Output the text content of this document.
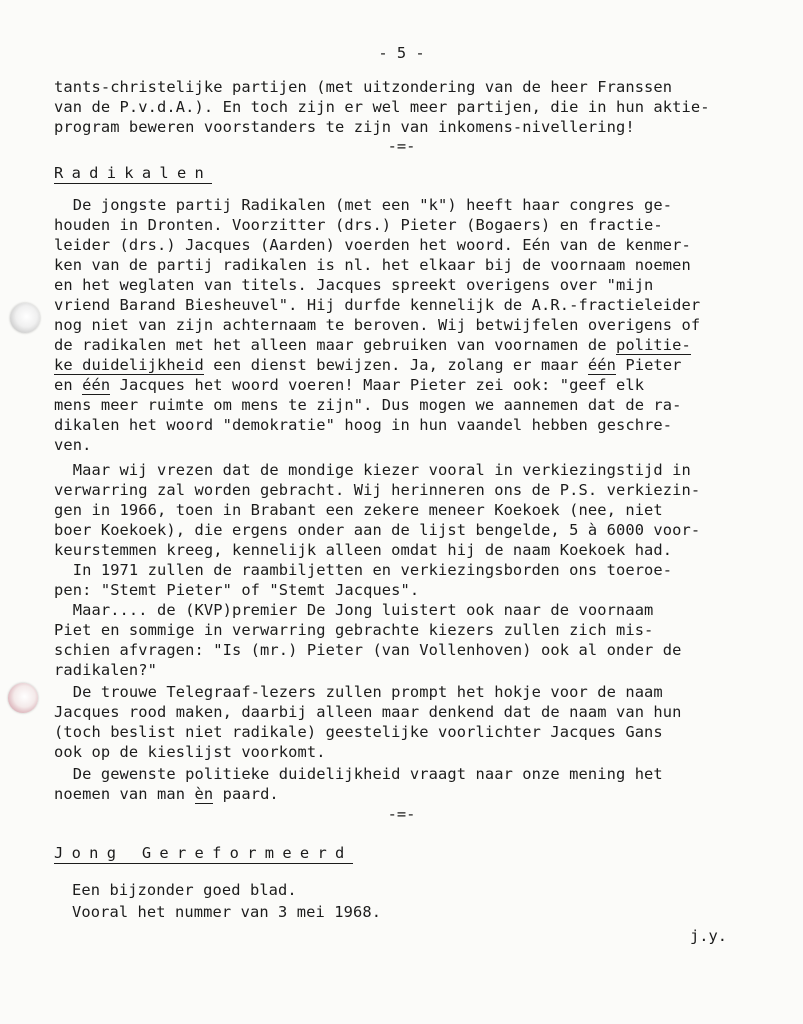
- 5 -
tants-christelijke partijen (met uitzondering van de heer Franssen
van de P.v.d.A.). En toch zijn er wel meer partijen, die in hun aktie-
program beweren voorstanders te zijn van inkomens-nivellering!
-=-
Radikalen
De jongste partij Radikalen (met een "k") heeft haar congres ge-
houden in Dronten. Voorzitter (drs.) Pieter (Bogaers) en fractie-
leider (drs.) Jacques (Aarden) voerden het woord. Eén van de kenmer-
ken van de partij radikalen is nl. het elkaar bij de voornaam noemen
en het weglaten van titels. Jacques spreekt overigens over "mijn
vriend Barand Biesheuvel". Hij durfde kennelijk de A.R.-fractieleider
nog niet van zijn achternaam te beroven. Wij betwijfelen overigens of
de radikalen met het alleen maar gebruiken van voornamen de politie-
ke duidelijkheid een dienst bewijzen. Ja, zolang er maar één Pieter
en één Jacques het woord voeren! Maar Pieter zei ook: "geef elk
mens meer ruimte om mens te zijn". Dus mogen we aannemen dat de ra-
dikalen het woord "demokratie" hoog in hun vaandel hebben geschre-
ven.
Maar wij vrezen dat de mondige kiezer vooral in verkiezingstijd in
verwarring zal worden gebracht. Wij herinneren ons de P.S. verkiezin-
gen in 1966, toen in Brabant een zekere meneer Koekoek (nee, niet
boer Koekoek), die ergens onder aan de lijst bengelde, 5 à 6000 voor-
keurstemmen kreeg, kennelijk alleen omdat hij de naam Koekoek had.
In 1971 zullen de raambiljetten en verkiezingsborden ons toeroe-
pen: "Stemt Pieter" of "Stemt Jacques".
Maar.... de (KVP)premier De Jong luistert ook naar de voornaam
Piet en sommige in verwarring gebrachte kiezers zullen zich mis-
schien afvragen: "Is (mr.) Pieter (van Vollenhoven) ook al onder de
radikalen?"
De trouwe Telegraaf-lezers zullen prompt het hokje voor de naam
Jacques rood maken, daarbij alleen maar denkend dat de naam van hun
(toch beslist niet radikale) geestelijke voorlichter Jacques Gans
ook op de kieslijst voorkomt.
De gewenste politieke duidelijkheid vraagt naar onze mening het
noemen van man èn paard.
-=-
Jong Gereformeerd
Een bijzonder goed blad.
Vooral het nummer van 3 mei 1968.
j.y.
